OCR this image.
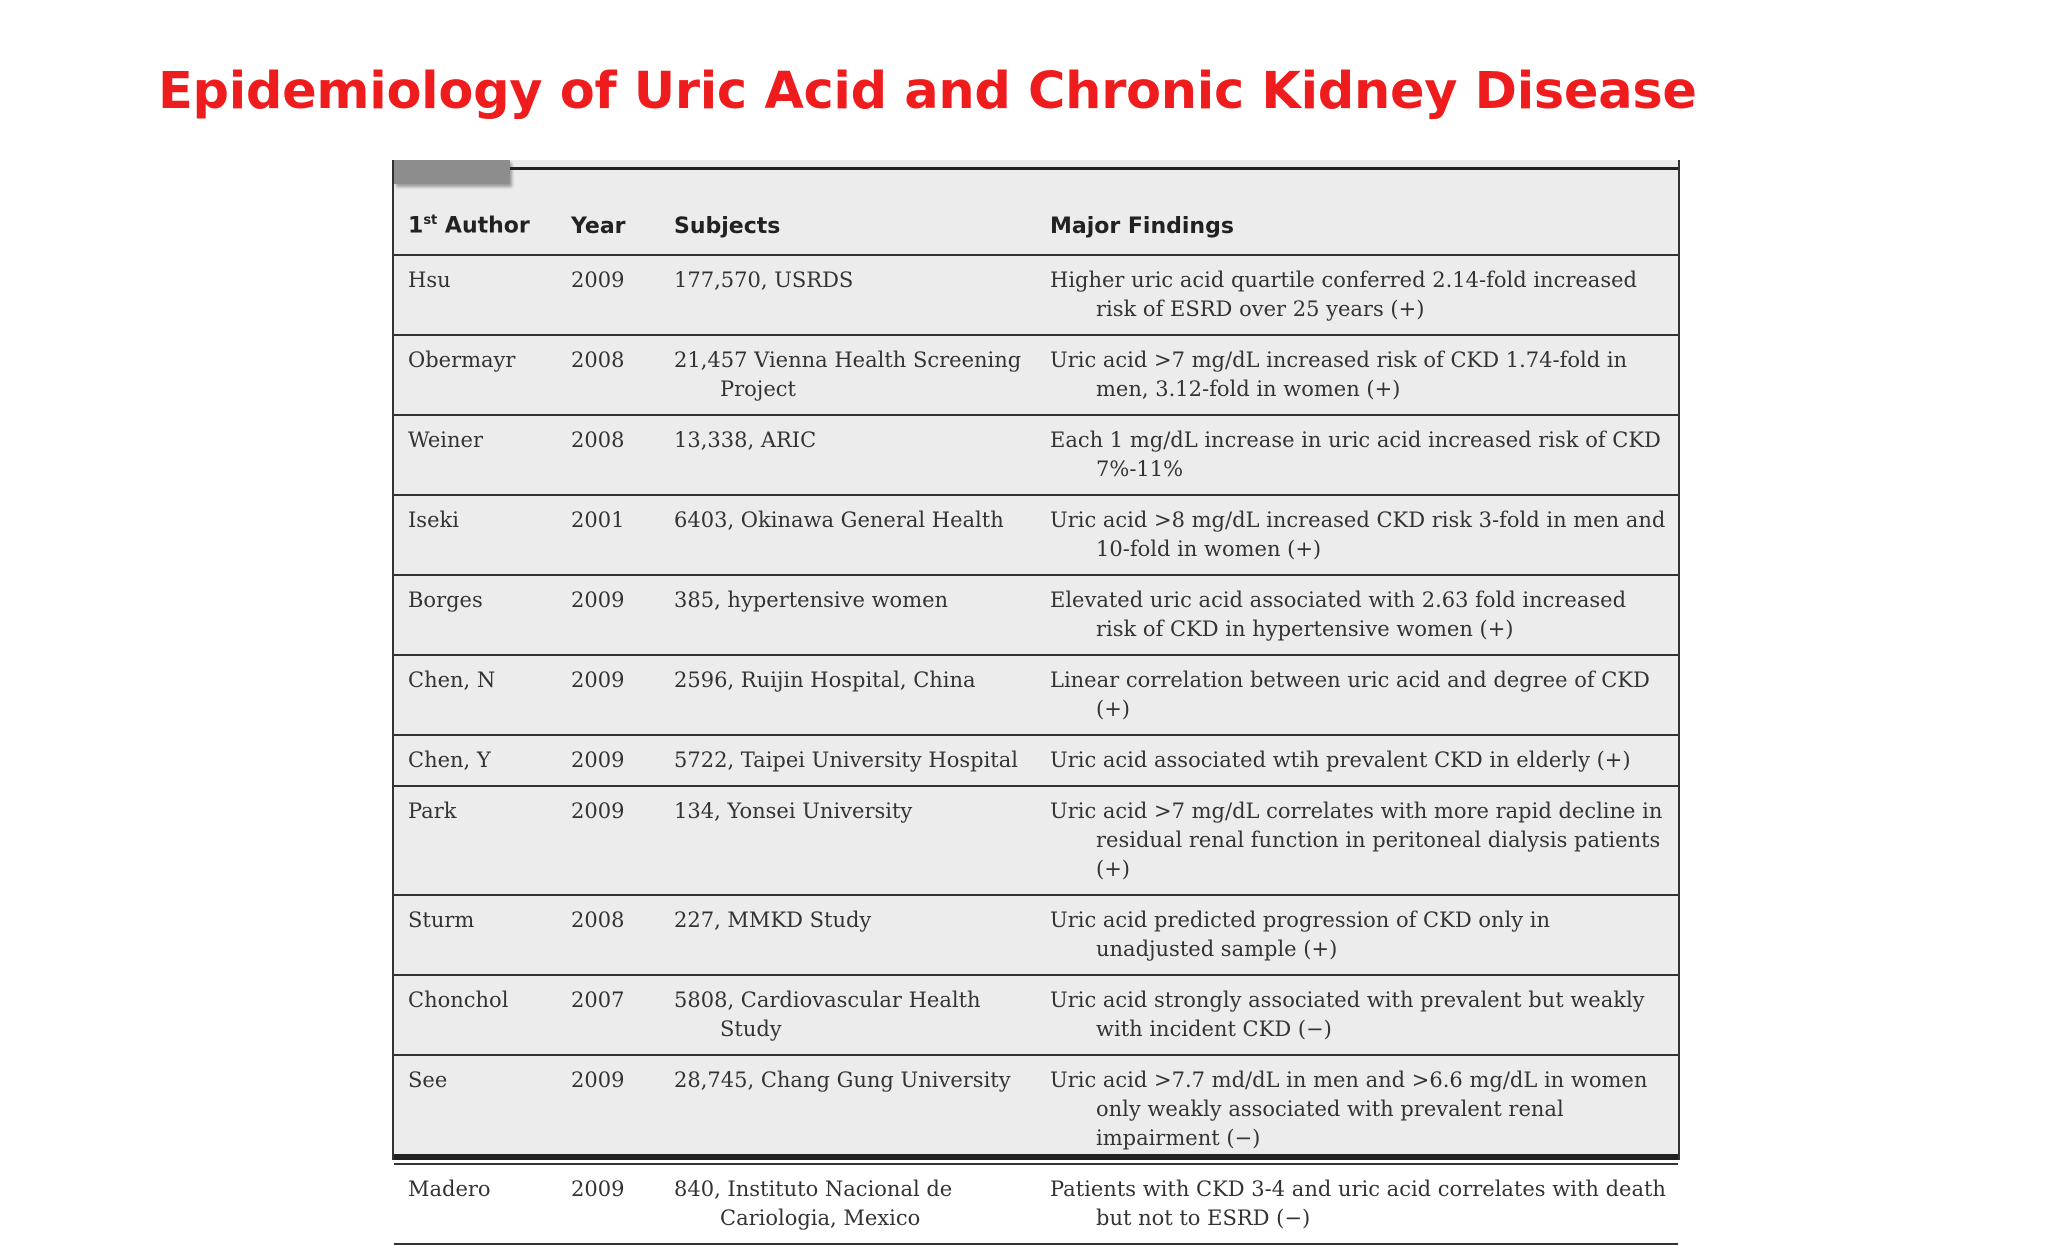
Epidemiology of Uric Acid and Chronic Kidney Disease
1st Author	Year	Subjects	Major Findings
Hsu	2009	177,570, USRDS	Higher uric acid quartile conferred 2.14-fold increased risk of ESRD over 25 years (+)
Obermayr	2008	21,457 Vienna Health Screening Project	Uric acid >7 mg/dL increased risk of CKD 1.74-fold in men, 3.12-fold in women (+)
Weiner	2008	13,338, ARIC	Each 1 mg/dL increase in uric acid increased risk of CKD 7%-11%
Iseki	2001	6403, Okinawa General Health	Uric acid >8 mg/dL increased CKD risk 3-fold in men and 10-fold in women (+)
Borges	2009	385, hypertensive women	Elevated uric acid associated with 2.63 fold increased risk of CKD in hypertensive women (+)
Chen, N	2009	2596, Ruijin Hospital, China	Linear correlation between uric acid and degree of CKD (+)
Chen, Y	2009	5722, Taipei University Hospital	Uric acid associated wtih prevalent CKD in elderly (+)
Park	2009	134, Yonsei University	Uric acid >7 mg/dL correlates with more rapid decline in residual renal function in peritoneal dialysis patients (+)
Sturm	2008	227, MMKD Study	Uric acid predicted progression of CKD only in unadjusted sample (+)
Chonchol	2007	5808, Cardiovascular Health Study	Uric acid strongly associated with prevalent but weakly with incident CKD (−)
See	2009	28,745, Chang Gung University	Uric acid >7.7 md/dL in men and >6.6 mg/dL in women only weakly associated with prevalent renal impairment (−)
Madero	2009	840, Instituto Nacional de Cariologia, Mexico	Patients with CKD 3-4 and uric acid correlates with death but not to ESRD (−)
